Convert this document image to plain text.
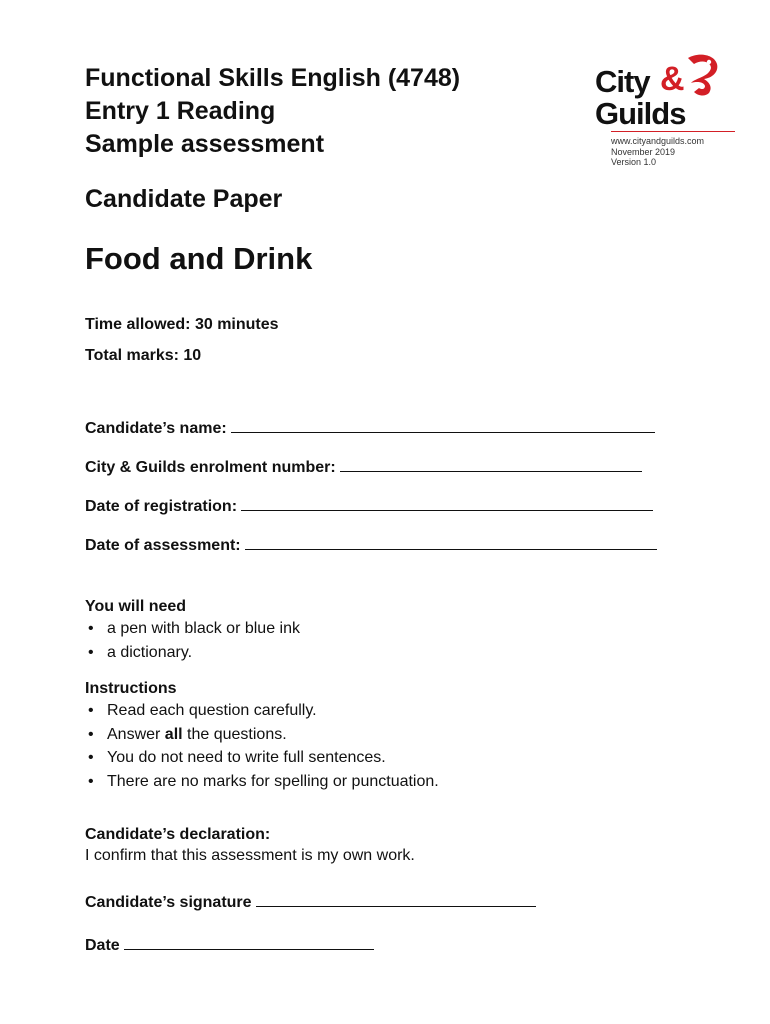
Functional Skills English (4748)

Entry 1 Reading

Sample assessment

City &
Guilds
www.cityandguilds.com
November 2019
Version 1.0

Candidate Paper

Food and Drink

Time allowed: 30 minutes

Total marks: 10

Candidate’s name:
City & Guilds enrolment number:
Date of registration:
Date of assessment:

You will need

• a pen with black or blue ink
• a dictionary.

Instructions

• Read each question carefully.
• Answer all the questions.
• You do not need to write full sentences.
• There are no marks for spelling or punctuation.

Candidate’s declaration:

I confirm that this assessment is my own work.

Candidate’s signature
Date
